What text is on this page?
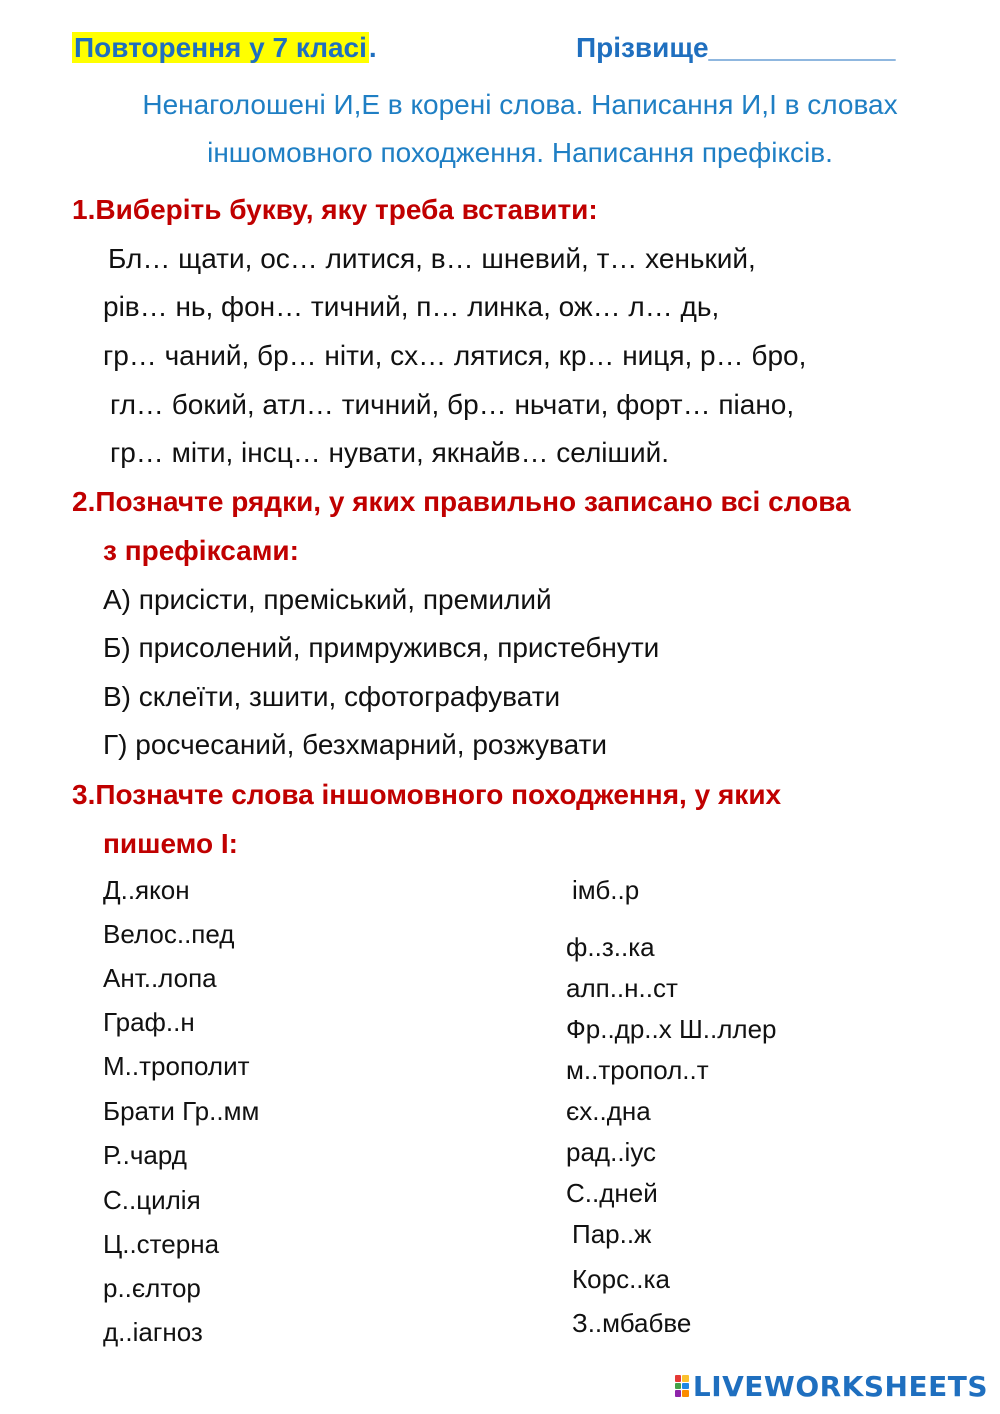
Повторення у 7 класі.	Прізвище____________
Ненаголошені И,Е в корені слова. Написання И,І в словах
іншомовного походження. Написання префіксів.
1.Виберіть букву, яку треба вставити:
Бл… щати, ос… литися, в… шневий, т… хенький,
рів… нь, фон… тичний, п… линка, ож… л… дь,
гр… чаний, бр… ніти, сх… лятися, кр… ниця, р… бро,
гл… бокий, атл… тичний, бр… ньчати, форт… піано,
гр… міти, інсц… нувати, якнайв… селіший.
2.Позначте рядки, у яких правильно записано всі слова
з префіксами:
А) присісти, преміський, премилий
Б) присолений, примружився, пристебнути
В) склеїти, зшити, сфотографувати
Г) росчесаний, безхмарний, розжувати
3.Позначте слова іншомовного походження, у яких
пишемо І:
Д..якон
Велос..пед
Ант..лопа
Граф..н
М..трополит
Брати Гр..мм
Р..чард
С..цилія
Ц..стерна
р..єлтор
д..іагноз
імб..р
ф..з..ка
алп..н..ст
Фр..др..х Ш..ллер
м..тропол..т
єх..дна
рад..іус
С..дней
Пар..ж
Корс..ка
З..мбабве
LIVEWORKSHEETS
